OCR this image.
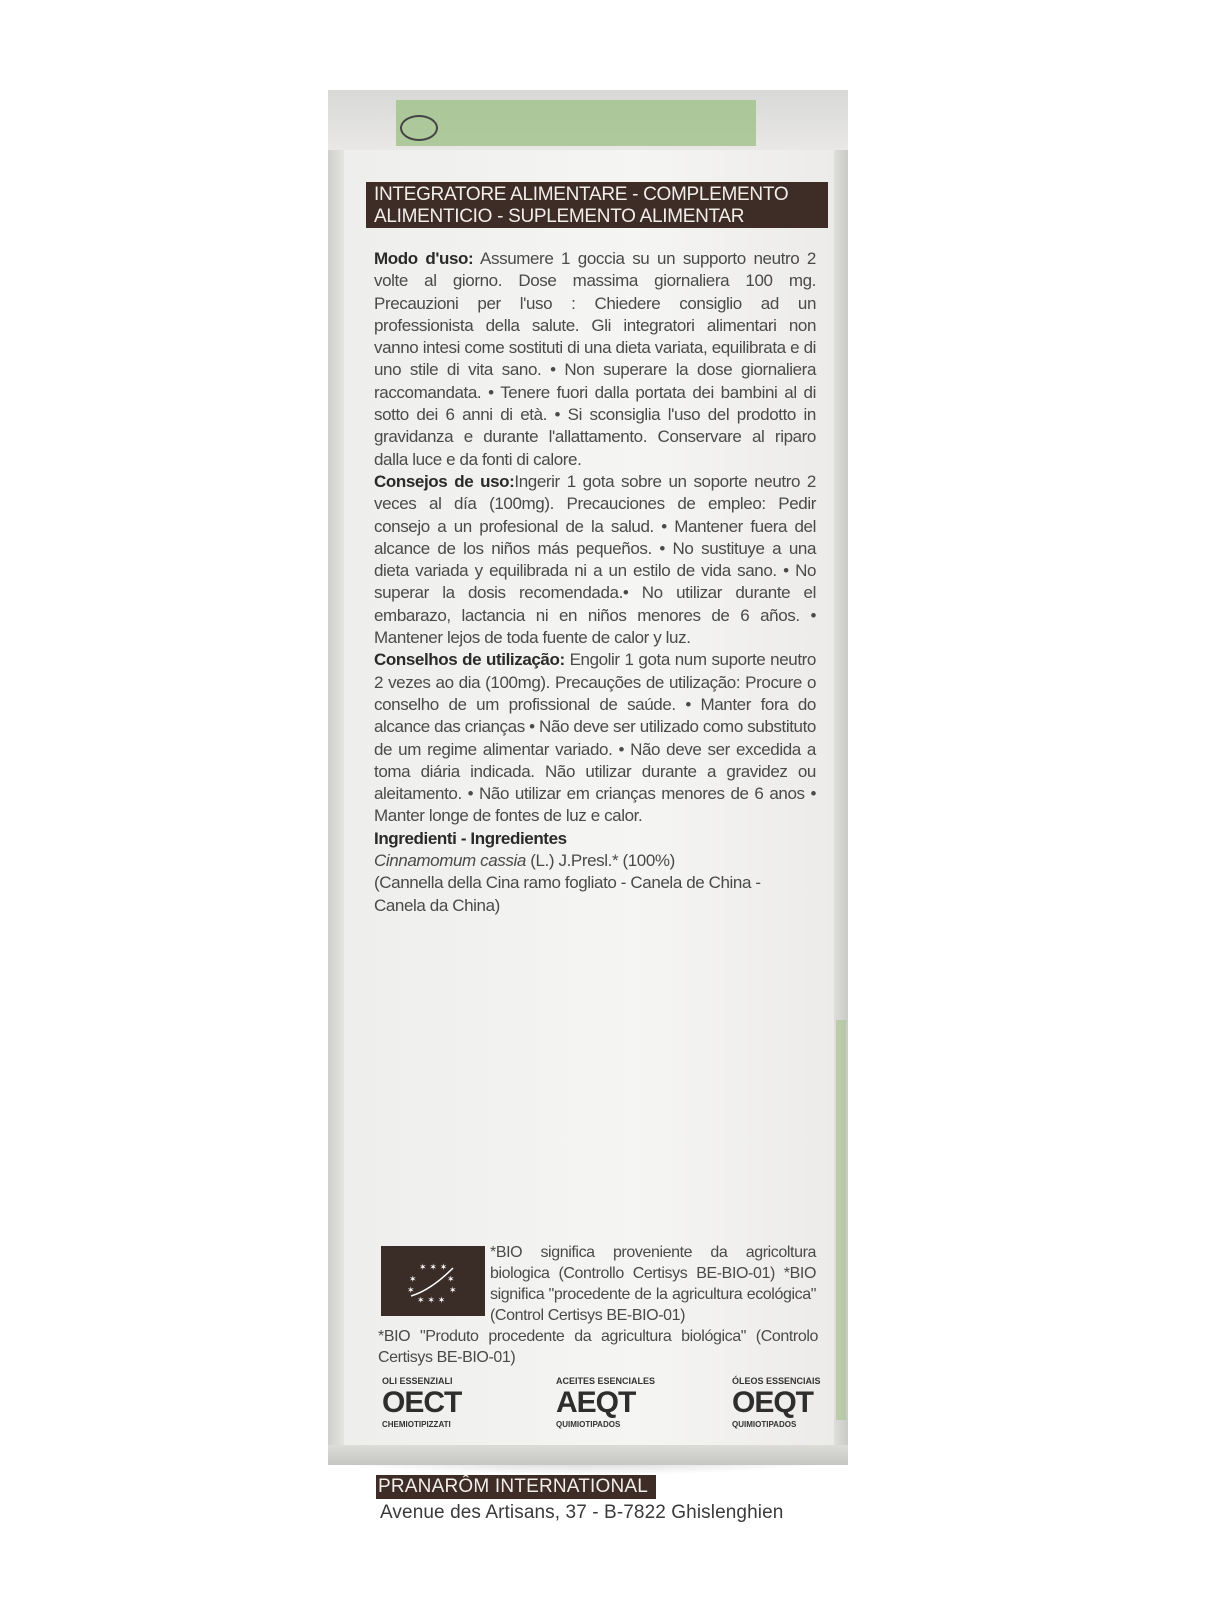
INTEGRATORE ALIMENTARE - COMPLEMENTO ALIMENTICIO - SUPLEMENTO ALIMENTAR

Modo d'uso: Assumere 1 goccia su un supporto neutro 2 volte al giorno. Dose massima giornaliera 100 mg. Precauzioni per l'uso : Chiedere consiglio ad un professionista della salute. Gli integratori alimentari non vanno intesi come sostituti di una dieta variata, equilibrata e di uno stile di vita sano. • Non superare la dose giornaliera raccomandata. • Tenere fuori dalla portata dei bambini al di sotto dei 6 anni di età. • Si sconsiglia l'uso del prodotto in gravidanza e durante l'allattamento. Conservare al riparo dalla luce e da fonti di calore.

Consejos de uso:Ingerir 1 gota sobre un soporte neutro 2 veces al día (100mg). Precauciones de empleo: Pedir consejo a un profesional de la salud. • Mantener fuera del alcance de los niños más pequeños. • No sustituye a una dieta variada y equilibrada ni a un estilo de vida sano. • No superar la dosis recomendada.• No utilizar durante el embarazo, lactancia ni en niños menores de 6 años. • Mantener lejos de toda fuente de calor y luz.

Conselhos de utilização: Engolir 1 gota num suporte neutro 2 vezes ao dia (100mg). Precauções de utilização: Procure o conselho de um profissional de saúde. • Manter fora do alcance das crianças • Não deve ser utilizado como substituto de um regime alimentar variado. • Não deve ser excedida a toma diária indicada. Não utilizar durante a gravidez ou aleitamento. • Não utilizar em crianças menores de 6 anos • Manter longe de fontes de luz e calor.

Ingredienti - Ingredientes

Cinnamomum cassia (L.) J.Presl.* (100%)

(Cannella della Cina ramo fogliato - Canela de China - Canela da China)

✶ ✶ ✶
✶	✶
✶	✶
✶ ✶ ✶
*BIO significa proveniente da agricoltura biologica (Controllo Certisys BE-BIO-01) *BIO significa "procedente de la agricultura ecológica" (Control Certisys BE-BIO-01)
*BIO "Produto procedente da agricultura biológica" (Controlo Certisys BE-BIO-01)
OLI ESSENZIALI
OECT
CHEMIOTIPIZZATI
ACEITES ESENCIALES
AEQT
QUIMIOTIPADOS
ÓLEOS ESSENCIAIS
OEQT
QUIMIOTIPADOS
PRANARÔM INTERNATIONAL
Avenue des Artisans, 37 - B-7822 Ghislenghien
